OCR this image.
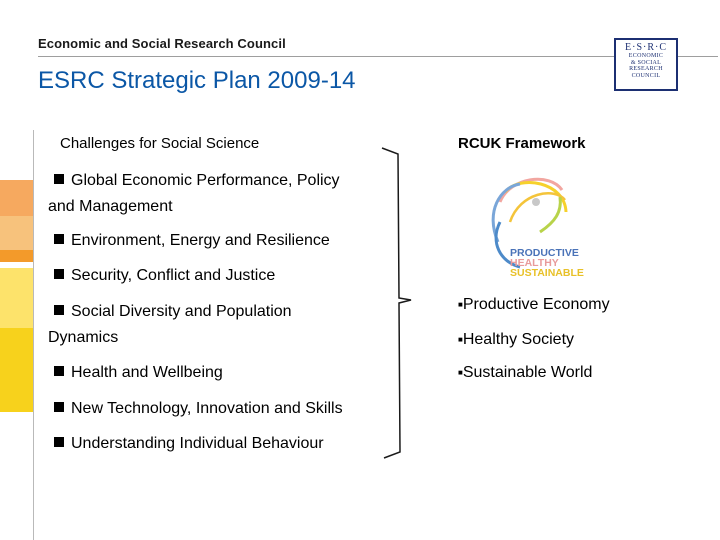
Economic and Social Research Council
ESRC Strategic Plan 2009-14
E·S·R·C
ECONOMIC
& SOCIAL
RESEARCH
COUNCIL
Challenges for Social Science	RCUK Framework
Global Economic Performance, Policy
and Management
Environment, Energy and Resilience
Security, Conflict and Justice
Social Diversity and Population
Dynamics
Health and Wellbeing
New Technology, Innovation and Skills
Understanding Individual Behaviour
PRODUCTIVE
HEALTHY
SUSTAINABLE
■Productive Economy
■Healthy Society
■Sustainable World
